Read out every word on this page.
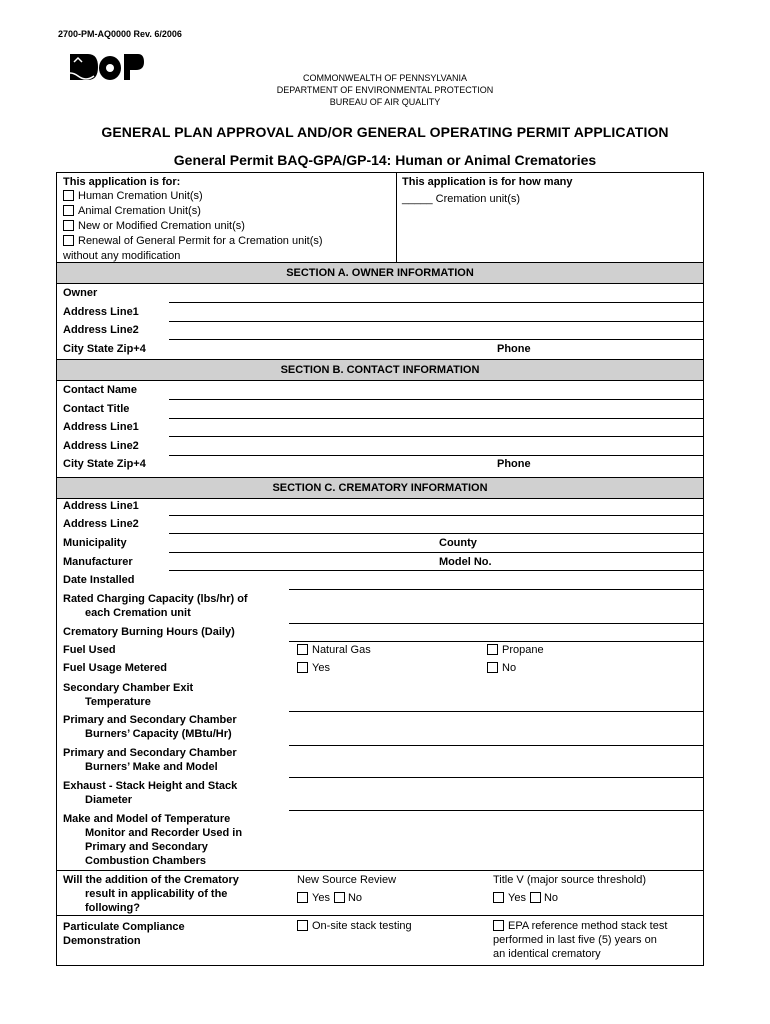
2700-PM-AQ0000 Rev. 6/2006
COMMONWEALTH OF PENNSYLVANIA
DEPARTMENT OF ENVIRONMENTAL PROTECTION
BUREAU OF AIR QUALITY
GENERAL PLAN APPROVAL AND/OR GENERAL OPERATING PERMIT APPLICATION
General Permit BAQ-GPA/GP-14: Human or Animal Crematories
This application is for:
Human Cremation Unit(s)
Animal Cremation Unit(s)
New or Modified Cremation unit(s)
Renewal of General Permit for a Cremation unit(s)
without any modification
This application is for how many
_____ Cremation unit(s)
SECTION A. OWNER INFORMATION
Owner
Address Line1
Address Line2
City State Zip+4	Phone
SECTION B. CONTACT INFORMATION
Contact Name
Contact Title
Address Line1
Address Line2
City State Zip+4	Phone
SECTION C. CREMATORY INFORMATION
Address Line1
Address Line2
Municipality	County
Manufacturer	Model No.
Date Installed
Rated Charging Capacity (lbs/hr) of
each Cremation unit
Crematory Burning Hours (Daily)
Fuel Used	Natural Gas	Propane
Fuel Usage Metered	Yes	No
Secondary Chamber Exit
Temperature
Primary and Secondary Chamber
Burners’ Capacity (MBtu/Hr)
Primary and Secondary Chamber
Burners’ Make and Model
Exhaust - Stack Height and Stack
Diameter
Make and Model of Temperature
Monitor and Recorder Used in
Primary and Secondary
Combustion Chambers
Will the addition of the Crematory
result in applicability of the
following?
New Source Review
Yes No
Title V (major source threshold)
Yes No
Particulate Compliance
Demonstration
On-site stack testing	EPA reference method stack test
performed in last five (5) years on
an identical crematory
